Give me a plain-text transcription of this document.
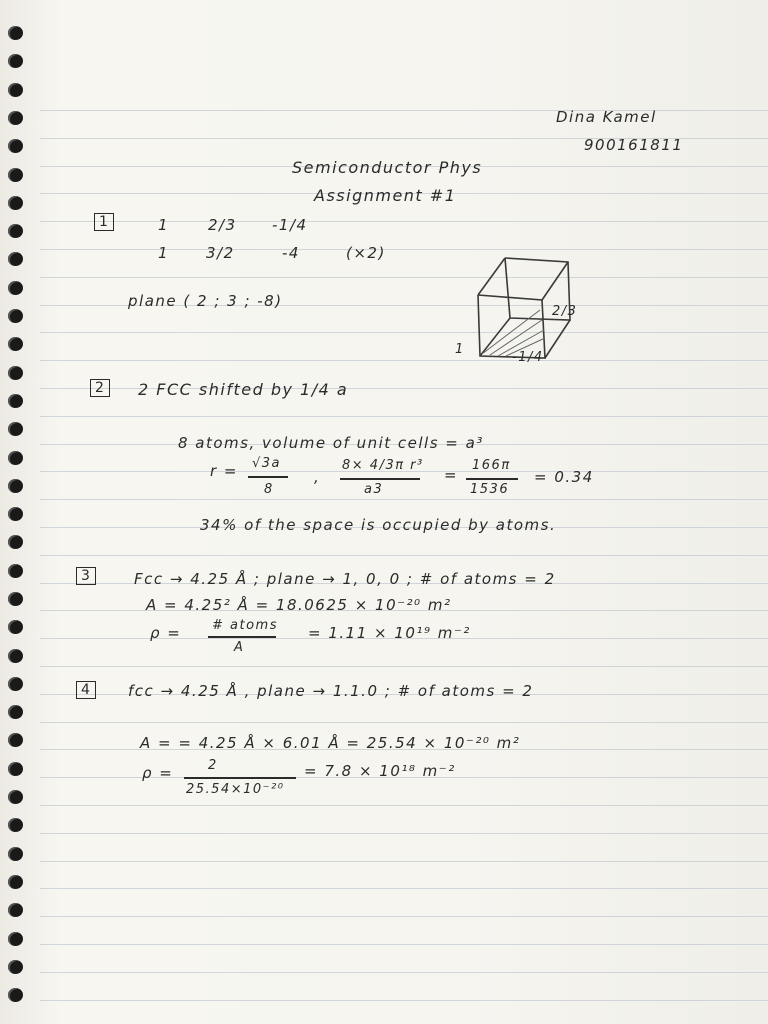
Dina Kamel
900161811
Semiconductor Phys
Assignment #1
1	1	2/3 -1/4
1 3/2	-4	(×2)
plane ( 2 ; 3 ; -8)
2/3
-1/4
1
2	2 FCC shifted by 1/4 a
8 atoms, volume of unit cells = a³
r = √3a
8
,
8× 4/3π r³
a3
=
166π
1536
= 0.34
34% of the space is occupied by atoms.
3	Fcc → 4.25 Å ; plane → 1, 0, 0 ; # of atoms = 2
A = 4.25² Å = 18.0625 × 10⁻²⁰ m²
ρ = # atoms
A
= 1.11 × 10¹⁹ m⁻²
4	fcc → 4.25 Å , plane → 1.1.0 ; # of atoms = 2
A = = 4.25 Å × 6.01 Å = 25.54 × 10⁻²⁰ m²
ρ =	2
25.54×10⁻²⁰
= 7.8 × 10¹⁸ m⁻²
